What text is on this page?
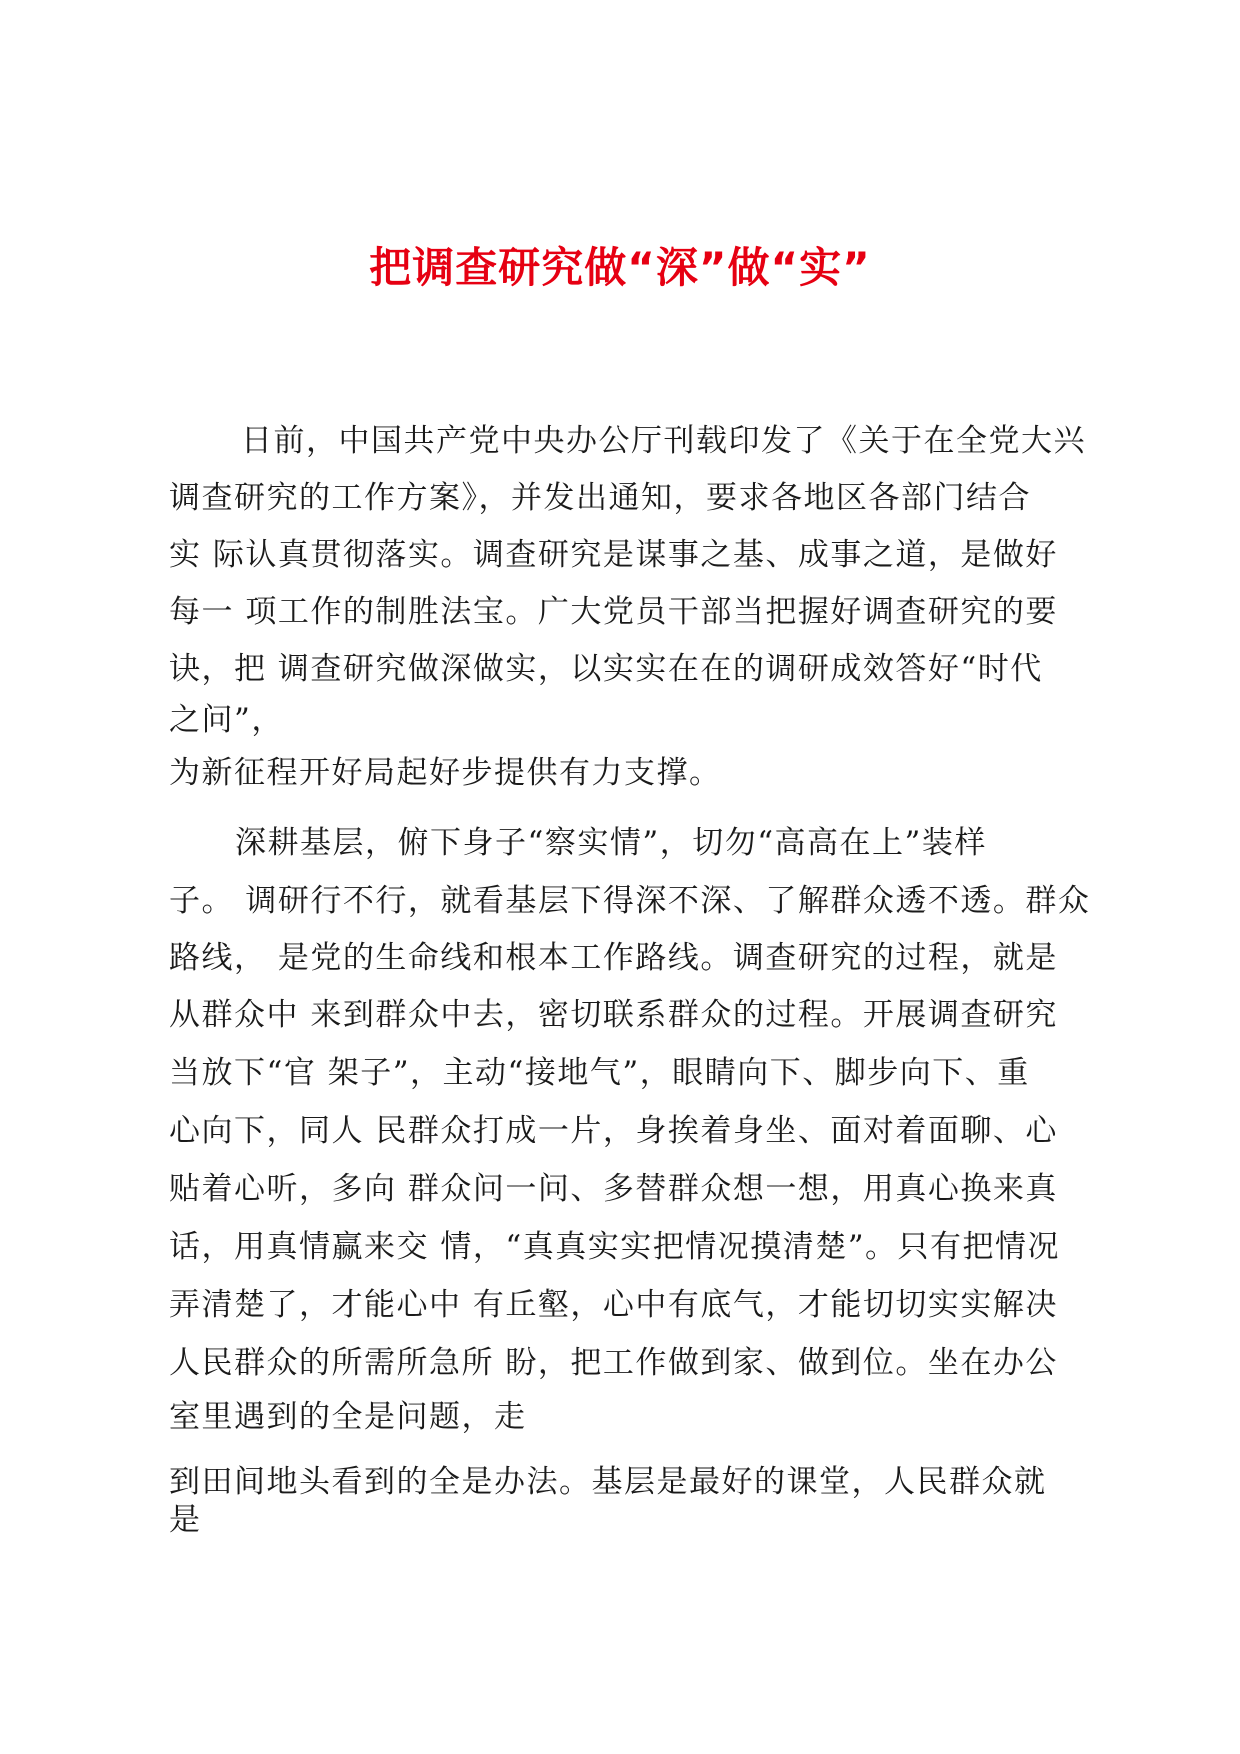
把调查研究做“深”做“实”
日前，中国共产党中央办公厅刊载印发了《关于在全党大兴
调查研究的工作方案》，并发出通知，要求各地区各部门结合
实 际认真贯彻落实。调查研究是谋事之基、成事之道，是做好
每一 项工作的制胜法宝。广大党员干部当把握好调查研究的要
诀，把 调查研究做深做实，以实实在在的调研成效答好“时代
之问”，
为新征程开好局起好步提供有力支撑。
深耕基层，俯下身子“察实情”，切勿“高高在上”装样
子。 调研行不行，就看基层下得深不深、了解群众透不透。群众
路线， 是党的生命线和根本工作路线。调查研究的过程，就是
从群众中 来到群众中去，密切联系群众的过程。开展调查研究
当放下“官 架子”，主动“接地气”，眼睛向下、脚步向下、重
心向下，同人 民群众打成一片，身挨着身坐、面对着面聊、心
贴着心听，多向 群众问一问、多替群众想一想，用真心换来真
话，用真情赢来交 情，“真真实实把情况摸清楚”。只有把情况
弄清楚了，才能心中 有丘壑，心中有底气，才能切切实实解决
人民群众的所需所急所 盼，把工作做到家、做到位。坐在办公
室里遇到的全是问题，走
到田间地头看到的全是办法。基层是最好的课堂，人民群众就
是
